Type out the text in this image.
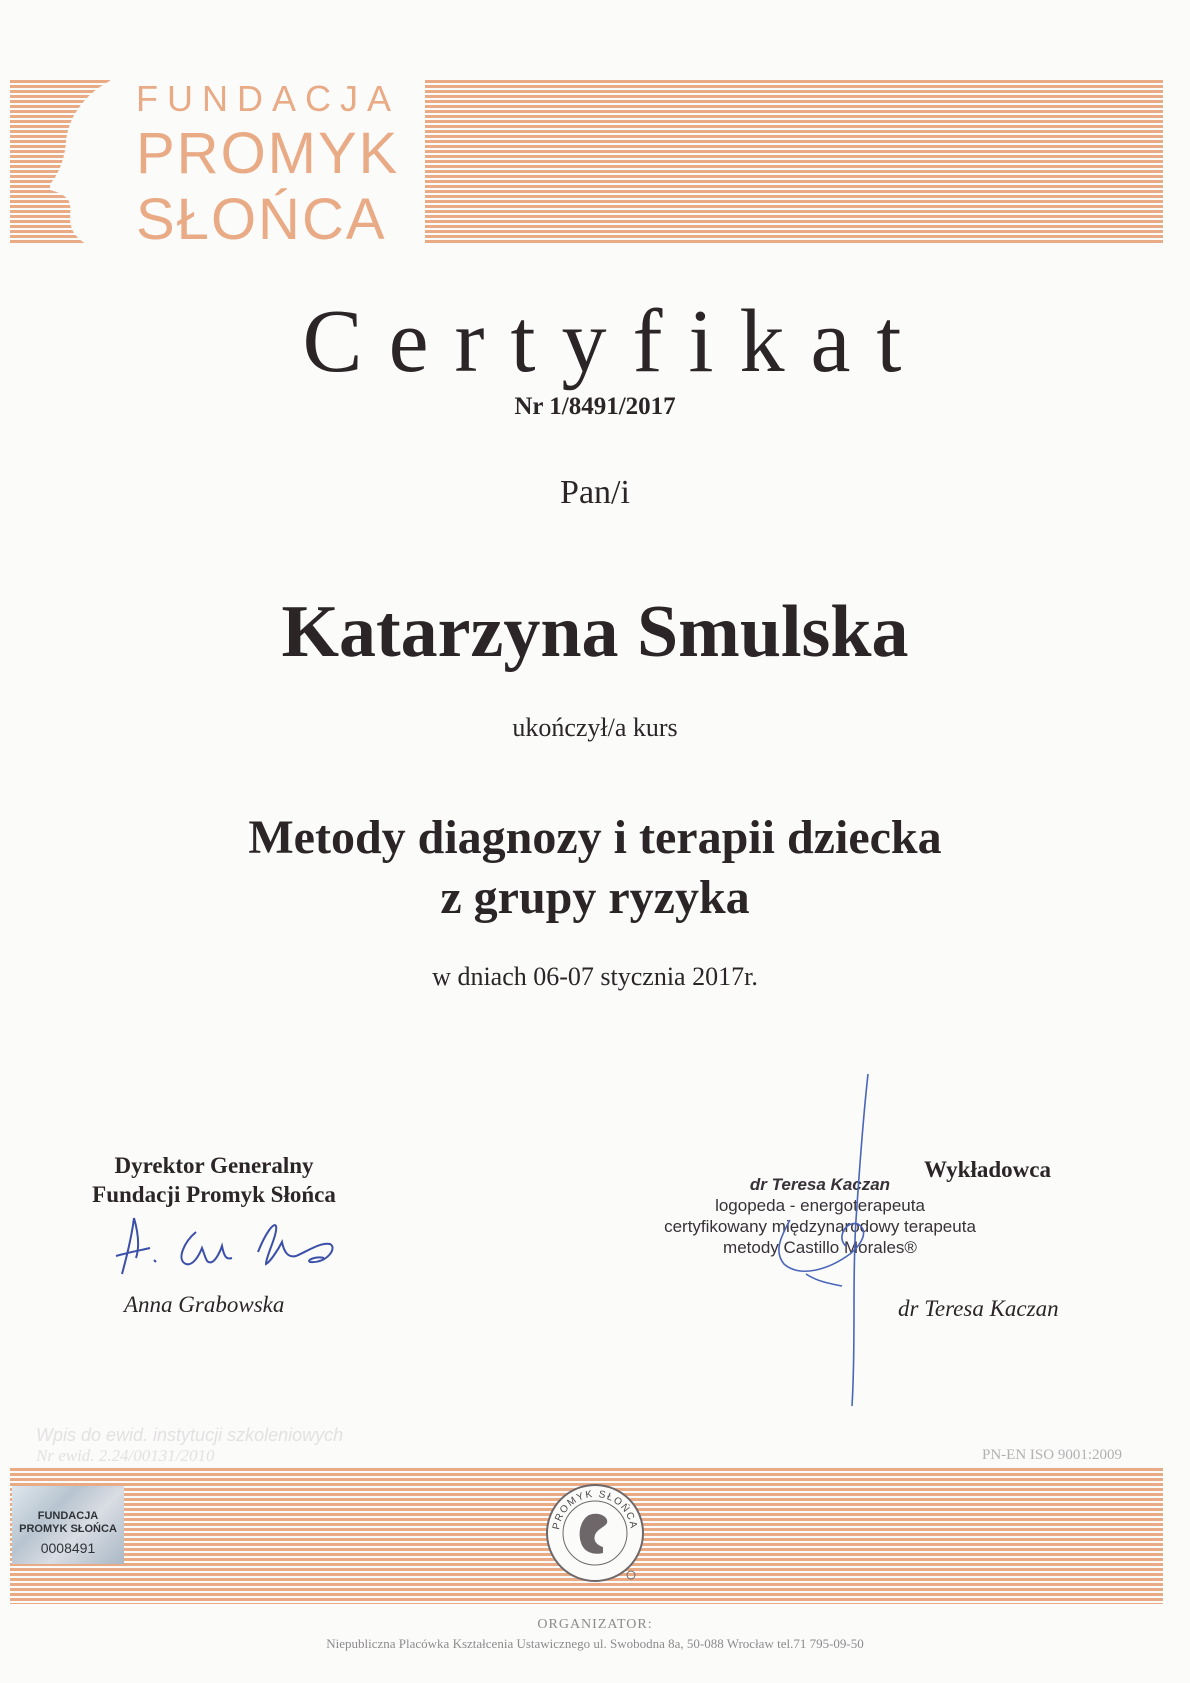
FUNDACJA
PROMYK
SŁOŃCA
Certyfikat
Nr 1/8491/2017
Pan/i
Katarzyna Smulska
ukończył/a kurs
Metody diagnozy i terapii dziecka
z grupy ryzyka
w dniach 06-07 stycznia 2017r.
Dyrektor Generalny
Fundacji Promyk Słońca
Anna Grabowska
Wykładowca
dr Teresa Kaczan
logopeda - energoterapeuta
certyfikowany międzynarodowy terapeuta
metody Castillo Morales®
dr Teresa Kaczan
Wpis do ewid. instytucji szkoleniowych
Nr ewid. 2.24/00131/2010	PN-EN ISO 9001:2009
FUNDACJA
PROMYK SŁOŃCA
0008491
PROMYK SŁOŃCA
ORGANIZATOR:
Niepubliczna Placówka Kształcenia Ustawicznego ul. Swobodna 8a, 50-088 Wrocław tel.71 795-09-50
